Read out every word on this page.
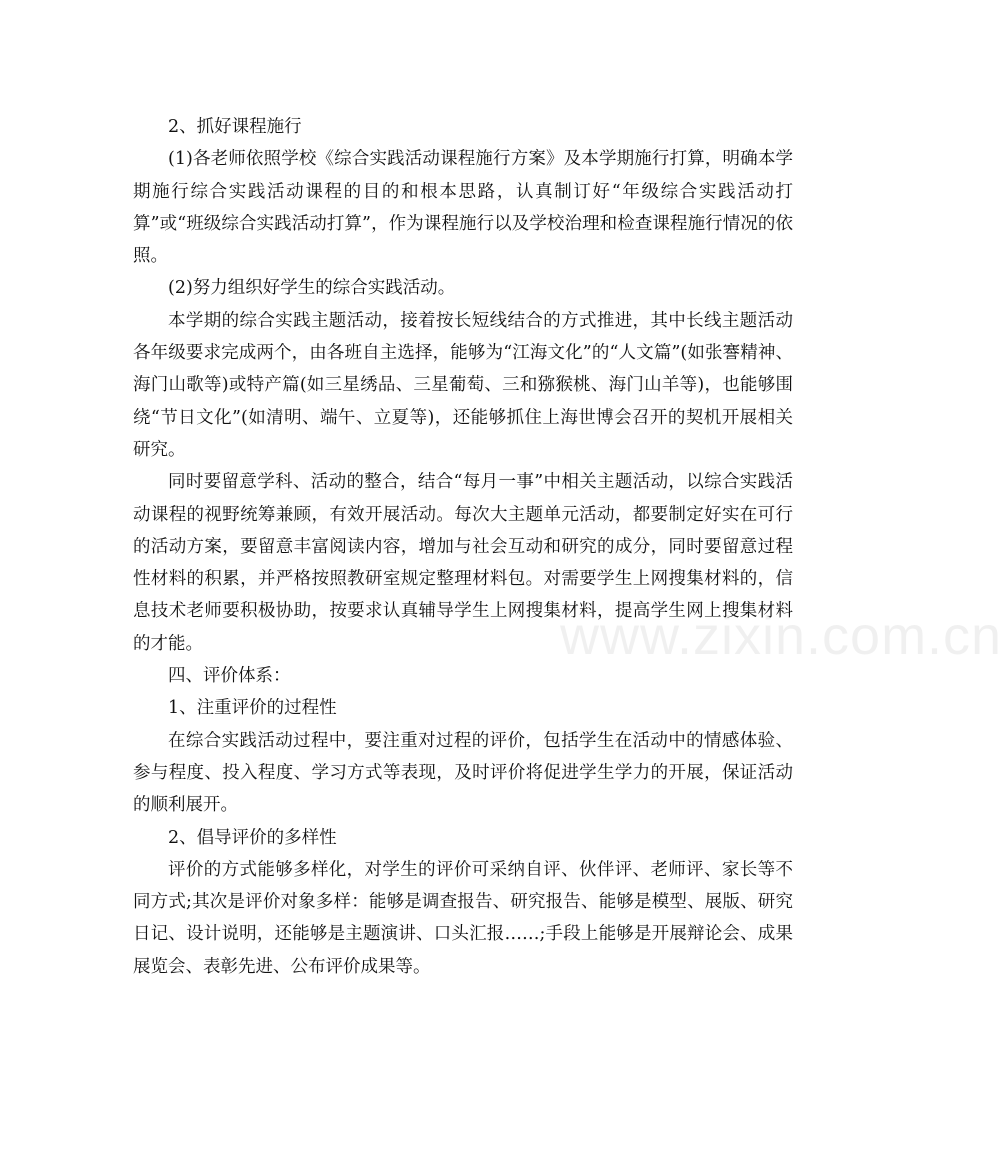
www.zixin.com.cn

2、抓好课程施行

(1)各老师依照学校《综合实践活动课程施行方案》及本学期施行打算，明确本学期施行综合实践活动课程的目的和根本思路，认真制订好“年级综合实践活动打算”或“班级综合实践活动打算”，作为课程施行以及学校治理和检查课程施行情况的依照。

(2)努力组织好学生的综合实践活动。

本学期的综合实践主题活动，接着按长短线结合的方式推进，其中长线主题活动各年级要求完成两个，由各班自主选择，能够为“江海文化”的“人文篇”(如张謇精神、海门山歌等)或特产篇(如三星绣品、三星葡萄、三和猕猴桃、海门山羊等)，也能够围绕“节日文化”(如清明、端午、立夏等)，还能够抓住上海世博会召开的契机开展相关研究。

同时要留意学科、活动的整合，结合“每月一事”中相关主题活动，以综合实践活动课程的视野统筹兼顾，有效开展活动。每次大主题单元活动，都要制定好实在可行的活动方案，要留意丰富阅读内容，增加与社会互动和研究的成分，同时要留意过程性材料的积累，并严格按照教研室规定整理材料包。对需要学生上网搜集材料的，信息技术老师要积极协助，按要求认真辅导学生上网搜集材料，提高学生网上搜集材料的才能。

四、评价体系：

1、注重评价的过程性

在综合实践活动过程中，要注重对过程的评价，包括学生在活动中的情感体验、参与程度、投入程度、学习方式等表现，及时评价将促进学生学力的开展，保证活动的顺利展开。

2、倡导评价的多样性

评价的方式能够多样化，对学生的评价可采纳自评、伙伴评、老师评、家长等不同方式;其次是评价对象多样：能够是调查报告、研究报告、能够是模型、展版、研究日记、设计说明，还能够是主题演讲、口头汇报……;手段上能够是开展辩论会、成果展览会、表彰先进、公布评价成果等。
